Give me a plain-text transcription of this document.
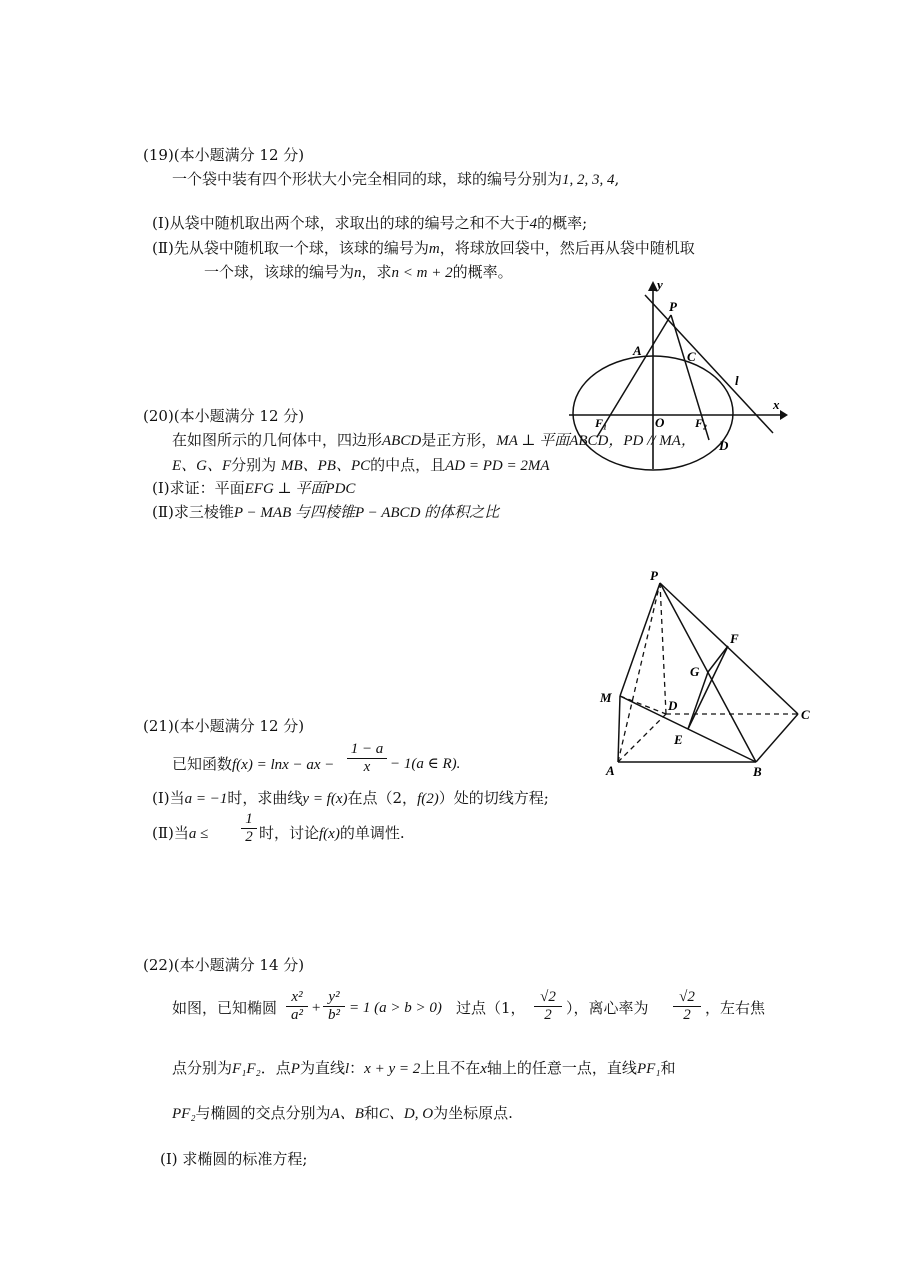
(19)(本小题满分 12 分)
一个袋中装有四个形状大小完全相同的球，球的编号分别为1, 2, 3, 4,
(Ⅰ)从袋中随机取出两个球，求取出的球的编号之和不大于4的概率;
(Ⅱ)先从袋中随机取一个球，该球的编号为m，将球放回袋中，然后再从袋中随机取
一个球，该球的编号为n，求n < m + 2的概率。
y
P
A	C
l
x
F₁	O	F₂
D
(20)(本小题满分 12 分)
在如图所示的几何体中，四边形ABCD是正方形，MA ⊥ 平面ABCD，PD // MA，
E、G、F分别为 MB、PB、PC的中点，且AD = PD = 2MA
(Ⅰ)求证：平面EFG ⊥ 平面PDC
(Ⅱ)求三棱锥P − MAB 与四棱锥P − ABCD 的体积之比
P
F
G
M
D
C
E
A	B
(21)(本小题满分 12 分)
已知函数f(x) = lnx − ax − $\frac{1 - a}{x} - 1(a$ ∈ R).
(Ⅰ)当a = −1时，求曲线y = f(x)在点（2，f(2)）处的切线方程;
(Ⅱ)当$a \le \frac{1}{2}$ 时，讨论f(x)的单调性.
(22)(本小题满分 14 分)
如图，已知椭圆 $\frac{\text{x²}}{\text{a²}} + \frac{\text{y²}}{\text{b²}} = 1$ (a > b > 0) 过点（1， $\frac{√2}{2}$ ），离心率为 $\frac{√2}{2}$ ，左右焦
点分别为F₁F₂．点P为直线l：x + y = 2上且不在x轴上的任意一点，直线PF₁和
PF₂与椭圆的交点分别为A、B和C、D, O为坐标原点.
(Ⅰ) 求椭圆的标准方程;
